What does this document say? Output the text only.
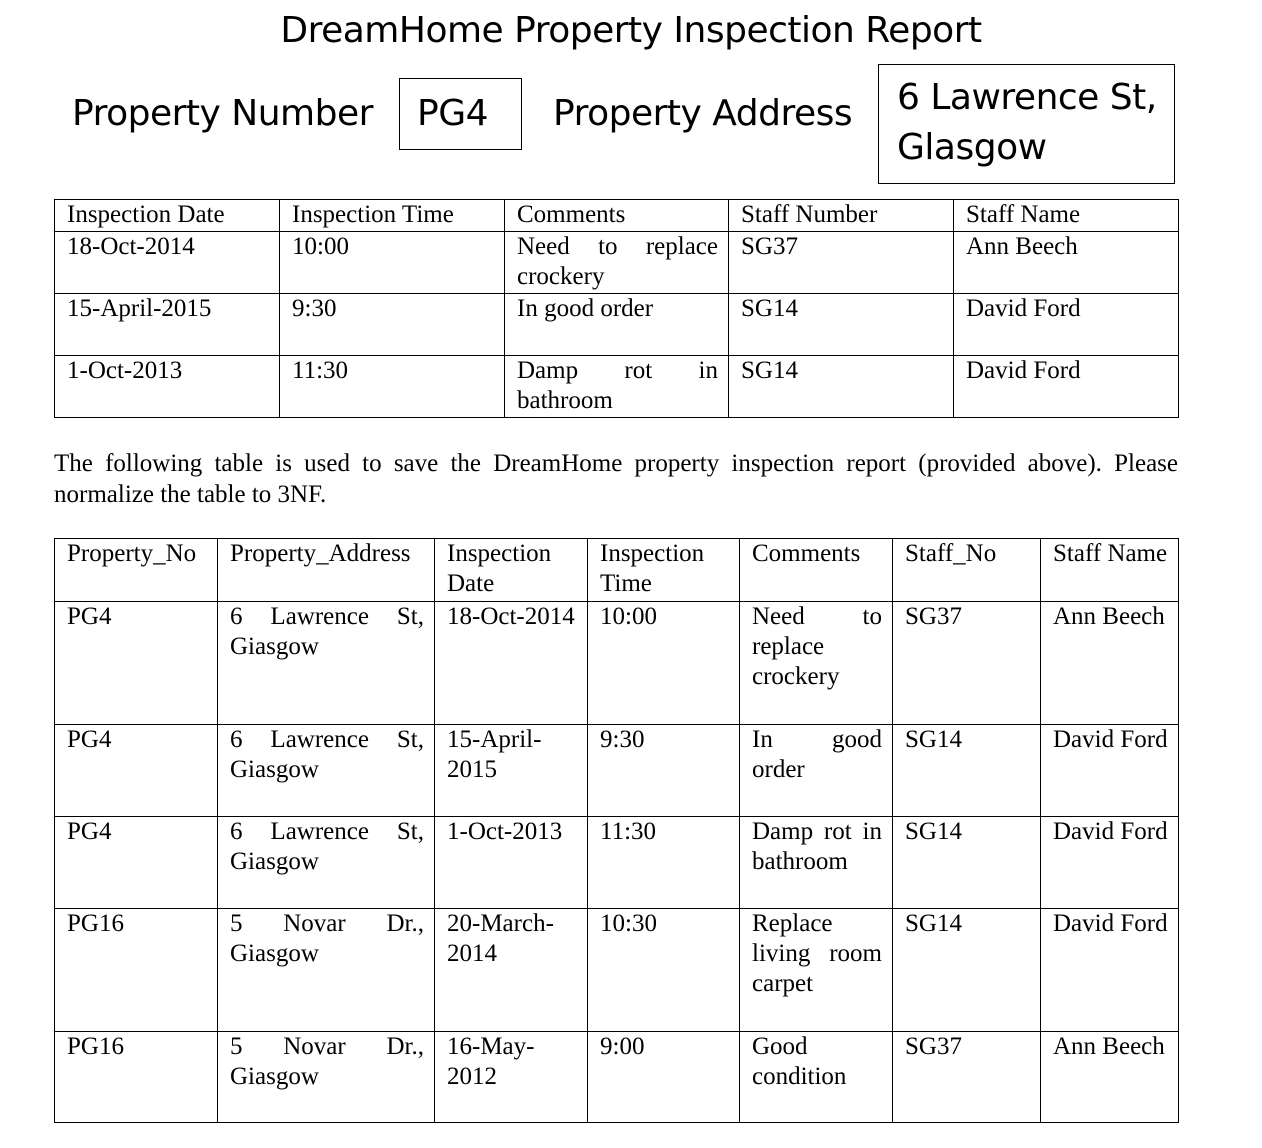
DreamHome Property Inspection Report
Property Number	PG4	Property Address	6 Lawrence St, Glasgow
Inspection Date	Inspection Time	Comments	Staff Number	Staff Name
18-Oct-2014	10:00	Need to replace crockery	SG37	Ann Beech
15-April-2015	9:30	In good order	SG14	David Ford
1-Oct-2013	11:30	Damp rot in bathroom	SG14	David Ford
The following table is used to save the DreamHome property inspection report (provided above). Please normalize the table to 3NF.
Property_No	Property_Address	Inspection Date	Inspection Time	Comments	Staff_No	Staff Name
PG4	6 Lawrence St, Giasgow	18-Oct-2014	10:00	Need to replace crockery	SG37	Ann Beech
PG4	6 Lawrence St, Giasgow	15-April-2015	9:30	In good order	SG14	David Ford
PG4	6 Lawrence St, Giasgow	1-Oct-2013	11:30	Damp rot in bathroom	SG14	David Ford
PG16	5 Novar Dr., Giasgow	20-March-2014	10:30	Replace living room carpet	SG14	David Ford
PG16	5 Novar Dr., Giasgow	16-May-2012	9:00	Good condition	SG37	Ann Beech
